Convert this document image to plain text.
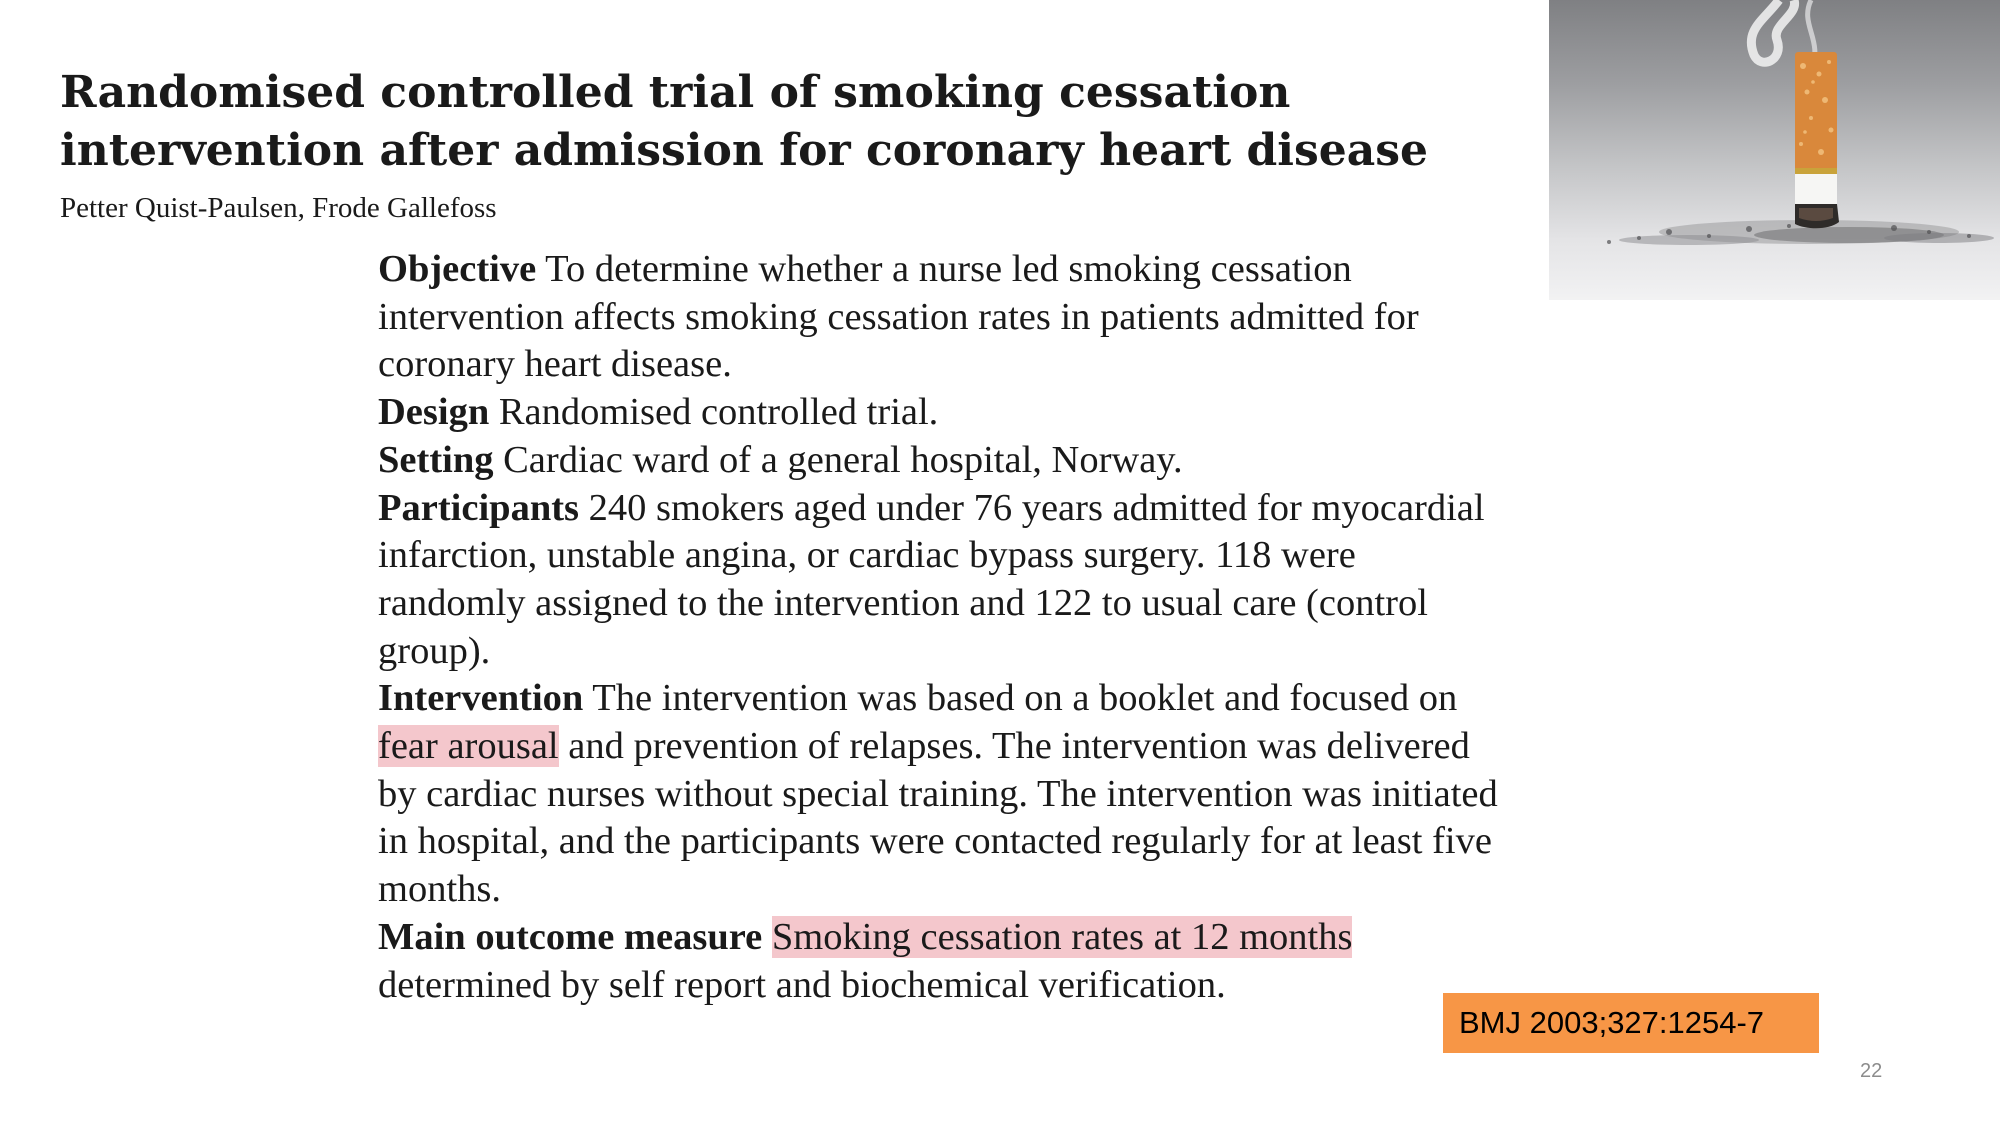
Randomised controlled trial of smoking cessation intervention after admission for coronary heart disease
Petter Quist-Paulsen, Frode Gallefoss
Objective To determine whether a nurse led smoking cessation intervention affects smoking cessation rates in patients admitted for coronary heart disease.
Design Randomised controlled trial.
Setting Cardiac ward of a general hospital, Norway.
Participants 240 smokers aged under 76 years admitted for myocardial infarction, unstable angina, or cardiac bypass surgery. 118 were randomly assigned to the intervention and 122 to usual care (control group).
Intervention The intervention was based on a booklet and focused on fear arousal and prevention of relapses. The intervention was delivered by cardiac nurses without special training. The intervention was initiated in hospital, and the participants were contacted regularly for at least five months.
Main outcome measure Smoking cessation rates at 12 months determined by self report and biochemical verification.
BMJ 2003;327:1254-7
22
